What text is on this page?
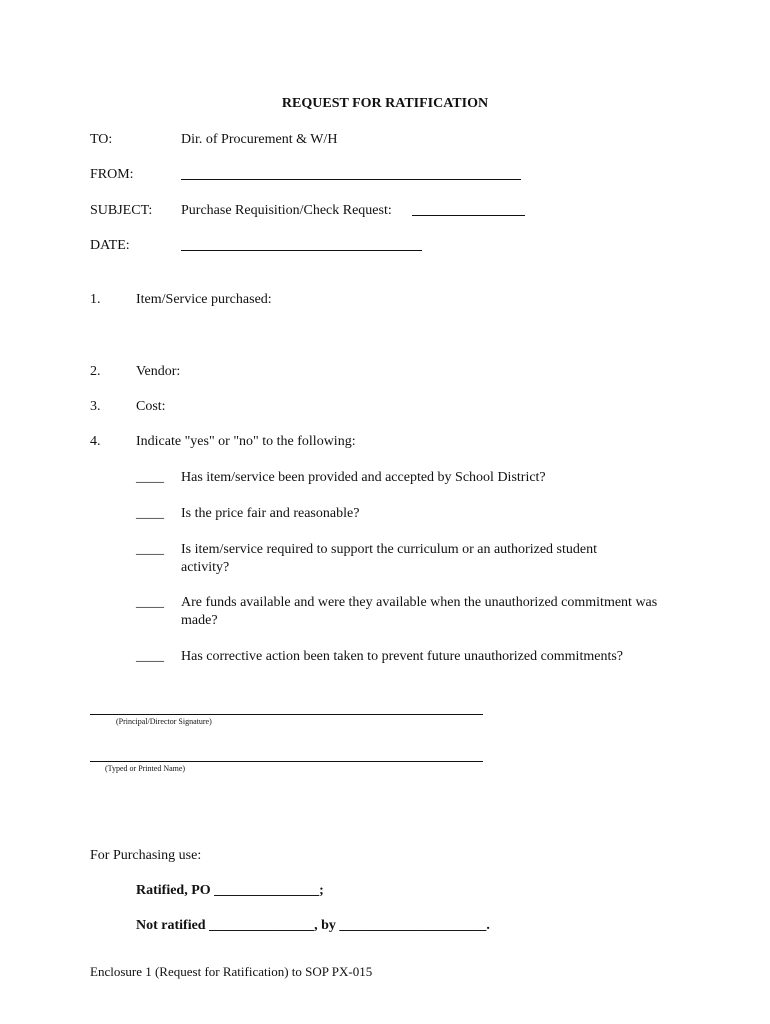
REQUEST FOR RATIFICATION
TO:	Dir. of Procurement & W/H
FROM:
SUBJECT: Purchase Requisition/Check Request:
DATE:
1.	Item/Service purchased:
2.	Vendor:
3.	Cost:
4.	Indicate "yes" or "no" to the following:
____ Has item/service been provided and accepted by School District?
____ Is the price fair and reasonable?
____ Is item/service required to support the curriculum or an authorized student activity?
____ Are funds available and were they available when the unauthorized commitment was made?
____ Has corrective action been taken to prevent future unauthorized commitments?
(Principal/Director Signature)
(Typed or Printed Name)
For Purchasing use:
Ratified, PO _______________;
Not ratified _______________, by _____________________.
Enclosure 1 (Request for Ratification) to SOP PX-015
